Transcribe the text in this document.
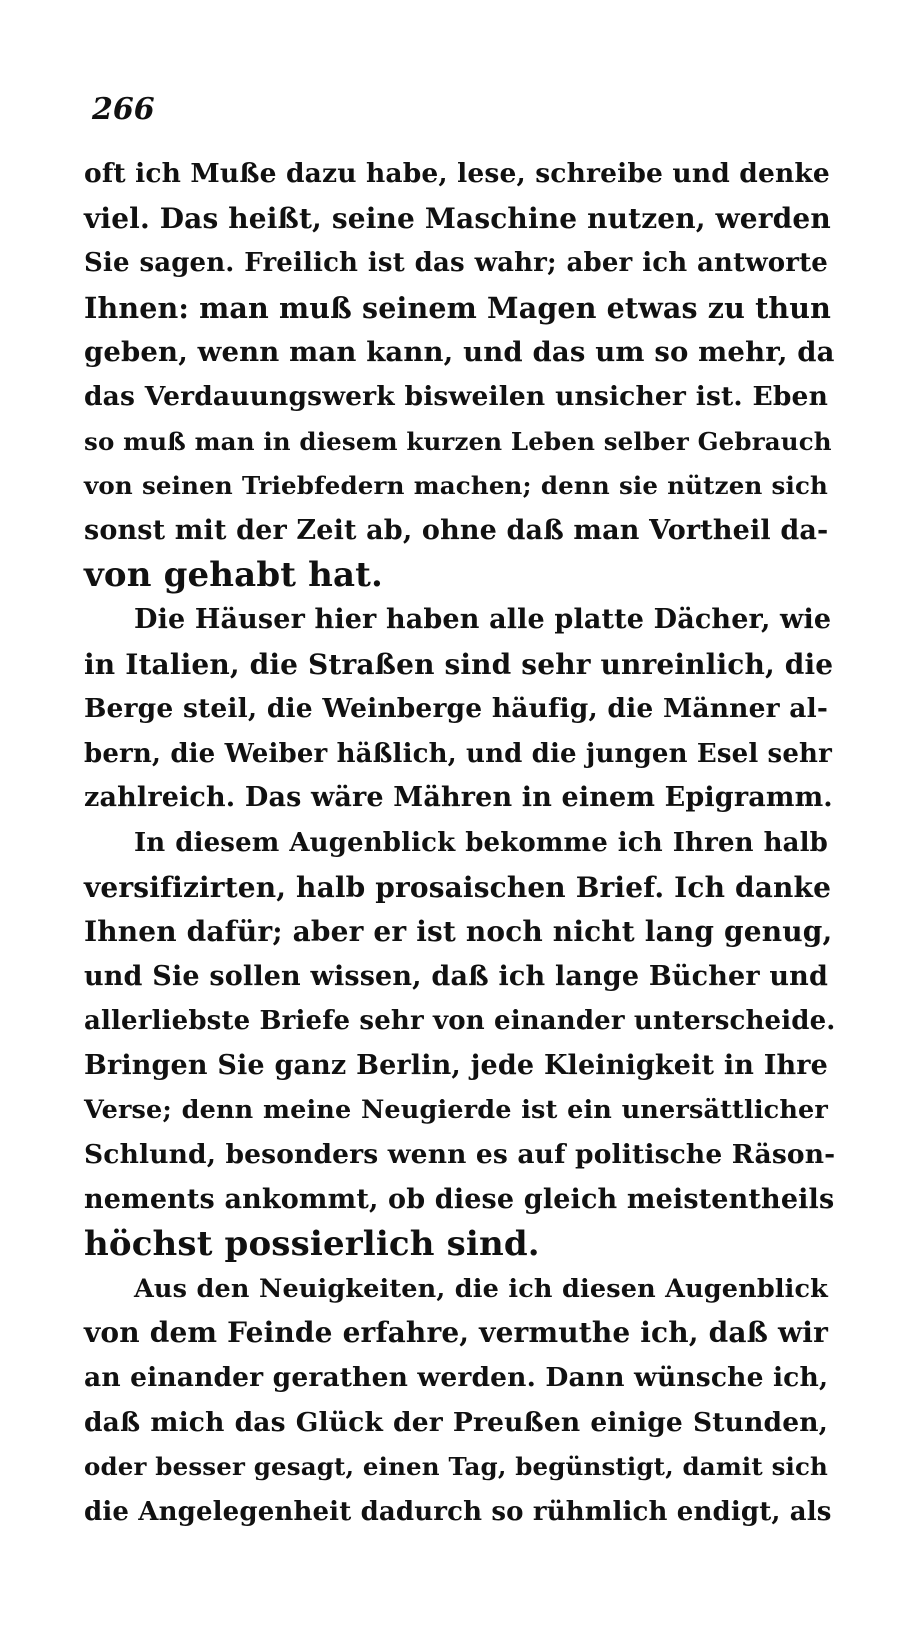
266
oft ich Muße dazu habe, lese, schreibe und denke
viel. Das heißt, seine Maschine nutzen, werden
Sie sagen. Freilich ist das wahr; aber ich antworte
Ihnen: man muß seinem Magen etwas zu thun
geben, wenn man kann, und das um so mehr, da
das Verdauungswerk bisweilen unsicher ist. Eben
so muß man in diesem kurzen Leben selber Gebrauch
von seinen Triebfedern machen; denn sie nützen sich
sonst mit der Zeit ab, ohne daß man Vortheil da-
von gehabt hat.
Die Häuser hier haben alle platte Dächer, wie
in Italien, die Straßen sind sehr unreinlich, die
Berge steil, die Weinberge häufig, die Männer al-
bern, die Weiber häßlich, und die jungen Esel sehr
zahlreich. Das wäre Mähren in einem Epigramm.
In diesem Augenblick bekomme ich Ihren halb
versifizirten, halb prosaischen Brief. Ich danke
Ihnen dafür; aber er ist noch nicht lang genug,
und Sie sollen wissen, daß ich lange Bücher und
allerliebste Briefe sehr von einander unterscheide.
Bringen Sie ganz Berlin, jede Kleinigkeit in Ihre
Verse; denn meine Neugierde ist ein unersättlicher
Schlund, besonders wenn es auf politische Räson-
nements ankommt, ob diese gleich meistentheils
höchst possierlich sind.
Aus den Neuigkeiten, die ich diesen Augenblick
von dem Feinde erfahre, vermuthe ich, daß wir
an einander gerathen werden. Dann wünsche ich,
daß mich das Glück der Preußen einige Stunden,
oder besser gesagt, einen Tag, begünstigt, damit sich
die Angelegenheit dadurch so rühmlich endigt, als
